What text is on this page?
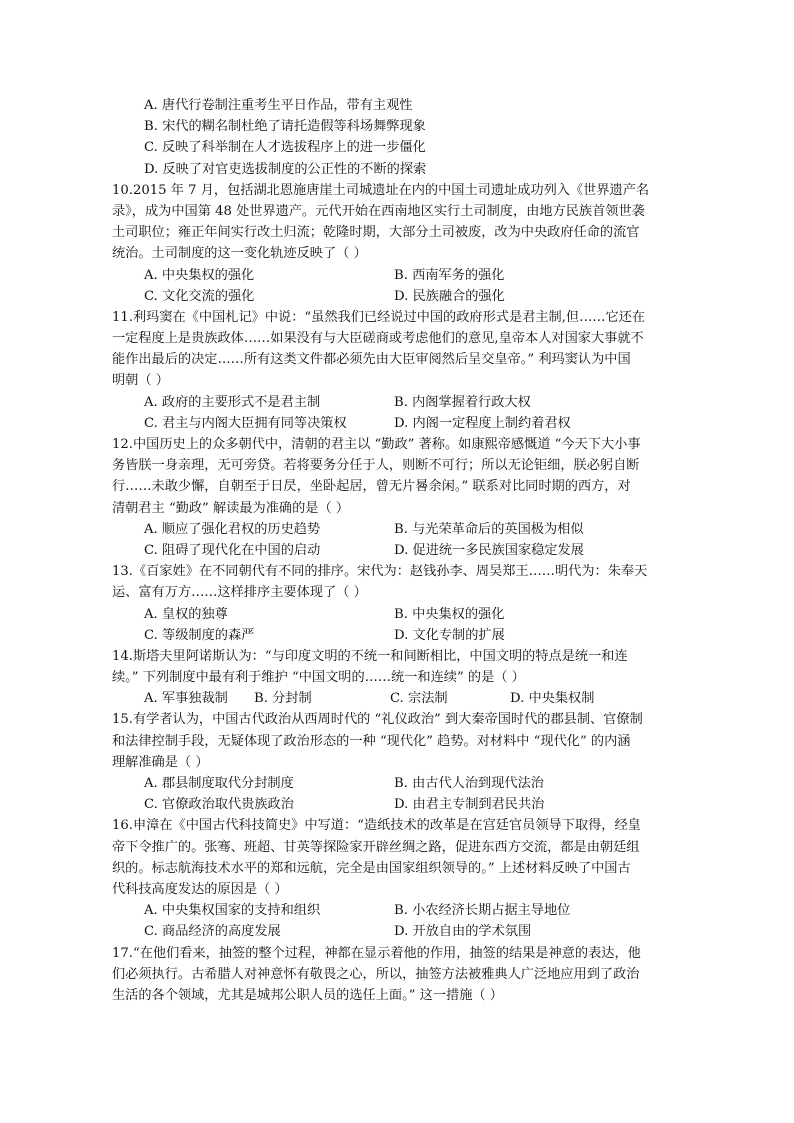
A. 唐代行卷制注重考生平日作品，带有主观性
B. 宋代的糊名制杜绝了请托造假等科场舞弊现象
C. 反映了科举制在人才选拔程序上的进一步僵化
D. 反映了对官吏选拔制度的公正性的不断的探索
10.2015 年 7 月，包括湖北恩施唐崖土司城遗址在内的中国土司遗址成功列入《世界遗产名
录》，成为中国第 48 处世界遗产。元代开始在西南地区实行土司制度，由地方民族首领世袭
土司职位；雍正年间实行改土归流；乾隆时期，大部分土司被废，改为中央政府任命的流官
统治。土司制度的这一变化轨迹反映了（ ）
A. 中央集权的强化	B. 西南军务的强化
C. 文化交流的强化	D. 民族融合的强化
11.利玛窦在《中国札记》中说：“虽然我们已经说过中国的政府形式是君主制,但……它还在
一定程度上是贵族政体……如果没有与大臣磋商或考虑他们的意见,皇帝本人对国家大事就不
能作出最后的决定……所有这类文件都必须先由大臣审阅然后呈交皇帝。” 利玛窦认为中国
明朝（ ）
A. 政府的主要形式不是君主制	B. 内阁掌握着行政大权
C. 君主与内阁大臣拥有同等决策权	D. 内阁一定程度上制约着君权
12.中国历史上的众多朝代中，清朝的君主以 “勤政” 著称。如康熙帝感慨道 “今天下大小事
务皆朕一身亲理，无可旁贷。若将要务分任于人，则断不可行；所以无论钜细，朕必躬自断
行……未敢少懈，自朝至于日昃，坐卧起居，曾无片晷余闲。” 联系对比同时期的西方，对
清朝君主 “勤政” 解读最为准确的是（ ）
A. 顺应了强化君权的历史趋势	B. 与光荣革命后的英国极为相似
C. 阻碍了现代化在中国的启动	D. 促进统一多民族国家稳定发展
13.《百家姓》在不同朝代有不同的排序。宋代为：赵钱孙李、周吴郑王……明代为：朱奉天
运、富有万方……这样排序主要体现了（ ）
A. 皇权的独尊	B. 中央集权的强化
C. 等级制度的森严	D. 文化专制的扩展
14.斯塔夫里阿诺斯认为：“与印度文明的不统一和间断相比，中国文明的特点是统一和连
续。” 下列制度中最有利于维护 “中国文明的……统一和连续” 的是（ ）
A. 军事独裁制	B. 分封制	C. 宗法制	D. 中央集权制
15.有学者认为，中国古代政治从西周时代的 “礼仪政治” 到大秦帝国时代的郡县制、官僚制
和法律控制手段，无疑体现了政治形态的一种 “现代化” 趋势。对材料中 “现代化” 的内涵
理解准确是（ ）
A. 郡县制度取代分封制度	B. 由古代人治到现代法治
C. 官僚政治取代贵族政治	D. 由君主专制到君民共治
16.申漳在《中国古代科技简史》中写道：“造纸技术的改革是在宫廷官员领导下取得，经皇
帝下令推广的。张骞、班超、甘英等探险家开辟丝绸之路，促进东西方交流，都是由朝廷组
织的。标志航海技术水平的郑和远航，完全是由国家组织领导的。” 上述材料反映了中国古
代科技高度发达的原因是（ ）
A. 中央集权国家的支持和组织	B. 小农经济长期占据主导地位
C. 商品经济的高度发展	D. 开放自由的学术氛围
17.“在他们看来，抽签的整个过程，神都在显示着他的作用，抽签的结果是神意的表达，他
们必须执行。古希腊人对神意怀有敬畏之心，所以，抽签方法被雅典人广泛地应用到了政治
生活的各个领域，尤其是城邦公职人员的选任上面。” 这一措施（ ）
